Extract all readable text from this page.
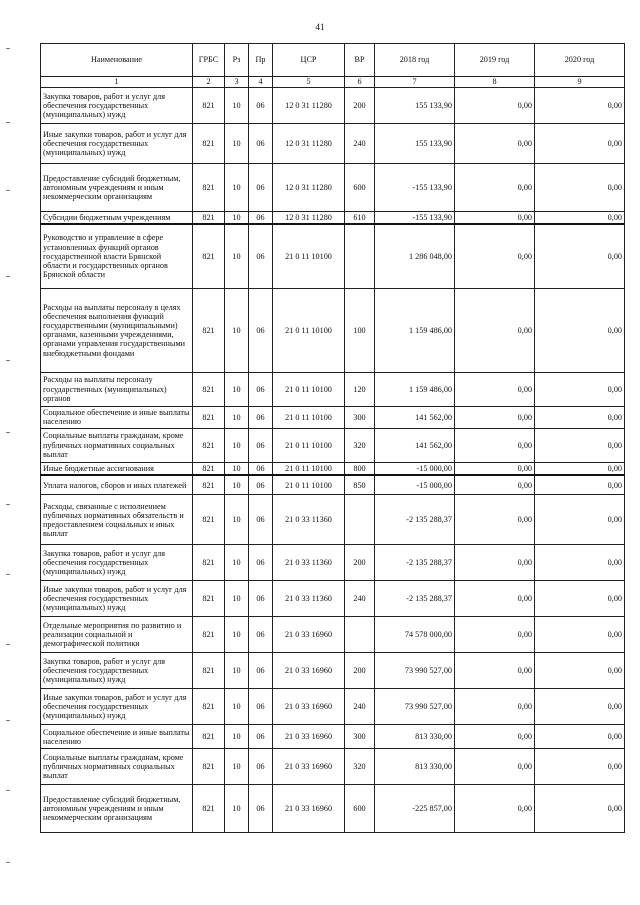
41
Наименование	ГРБС	Рз	Пр	ЦСР	ВР	2018 год	2019 год	2020 год
1	2	3	4	5	6	7	8	9
Закупка товаров, работ и услуг для обеспечения государственных (муниципальных) нужд	821	10	06	12 0 31 11280	200	155 133,90	0,00	0,00
Иные закупки товаров, работ и услуг для обеспечения государственных (муниципальных) нужд	821	10	06	12 0 31 11280	240	155 133,90	0,00	0,00
Предоставление субсидий бюджетным, автономным учреждениям и иным некоммерческим организациям	821	10	06	12 0 31 11280	600	-155 133,90	0,00	0,00
Субсидии бюджетным учреждениям	821	10	06	12 0 31 11280	610	-155 133,90	0,00	0,00
Руководство и управление в сфере установленных функций органов государственной власти Брянской области и государственных органов Брянской области	821	10	06	21 0 11 10100		1 286 048,00	0,00	0,00
Расходы на выплаты персоналу в целях обеспечения выполнения функций государственными (муниципальными) органами, казенными учреждениями, органами управления государственными внебюджетными фондами	821	10	06	21 0 11 10100	100	1 159 486,00	0,00	0,00
Расходы на выплаты персоналу государственных (муниципальных) органов	821	10	06	21 0 11 10100	120	1 159 486,00	0,00	0,00
Социальное обеспечение и иные выплаты населению	821	10	06	21 0 11 10100	300	141 562,00	0,00	0,00
Социальные выплаты гражданам, кроме публичных нормативных социальных выплат	821	10	06	21 0 11 10100	320	141 562,00	0,00	0,00
Иные бюджетные ассигнования	821	10	06	21 0 11 10100	800	-15 000,00	0,00	0,00
Уплата налогов, сборов и иных платежей	821	10	06	21 0 11 10100	850	-15 000,00	0,00	0,00
Расходы, связанные с исполнением публичных нормативных обязательств и предоставлением социальных и иных выплат	821	10	06	21 0 33 11360		-2 135 288,37	0,00	0,00
Закупка товаров, работ и услуг для обеспечения государственных (муниципальных) нужд	821	10	06	21 0 33 11360	200	-2 135 288,37	0,00	0,00
Иные закупки товаров, работ и услуг для обеспечения государственных (муниципальных) нужд	821	10	06	21 0 33 11360	240	-2 135 288,37	0,00	0,00
Отдельные мероприятия по развитию и реализации социальной и демографической политики	821	10	06	21 0 33 16960		74 578 000,00	0,00	0,00
Закупка товаров, работ и услуг для обеспечения государственных (муниципальных) нужд	821	10	06	21 0 33 16960	200	73 990 527,00	0,00	0,00
Иные закупки товаров, работ и услуг для обеспечения государственных (муниципальных) нужд	821	10	06	21 0 33 16960	240	73 990 527,00	0,00	0,00
Социальное обеспечение и иные выплаты населению	821	10	06	21 0 33 16960	300	813 330,00	0,00	0,00
Социальные выплаты гражданам, кроме публичных нормативных социальных выплат	821	10	06	21 0 33 16960	320	813 330,00	0,00	0,00
Предоставление субсидий бюджетным, автономным учреждениям и иным некоммерческим организациям	821	10	06	21 0 33 16960	600	-225 857,00	0,00	0,00
